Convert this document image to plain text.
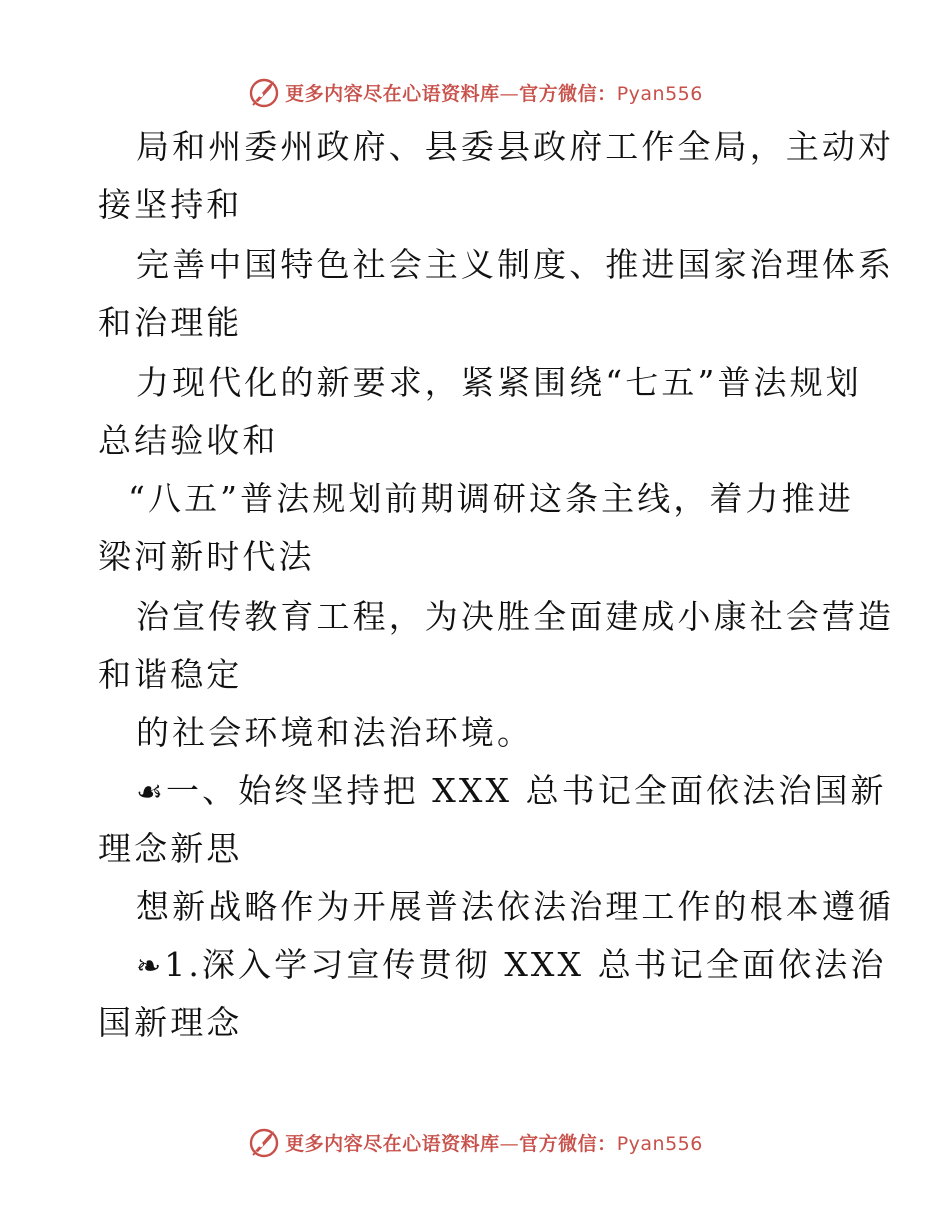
更多内容尽在心语资料库—官方微信：Pyan556
局和州委州政府、县委县政府工作全局，主动对
接坚持和
完善中国特色社会主义制度、推进国家治理体系
和治理能
力现代化的新要求，紧紧围绕“七五”普法规划
总结验收和
“八五”普法规划前期调研这条主线，着力推进
梁河新时代法
治宣传教育工程，为决胜全面建成小康社会营造
和谐稳定
的社会环境和法治环境。
☙一、始终坚持把 XXX 总书记全面依法治国新
理念新思
想新战略作为开展普法依法治理工作的根本遵循
❧1.深入学习宣传贯彻 XXX 总书记全面依法治
国新理念
更多内容尽在心语资料库—官方微信：Pyan556
